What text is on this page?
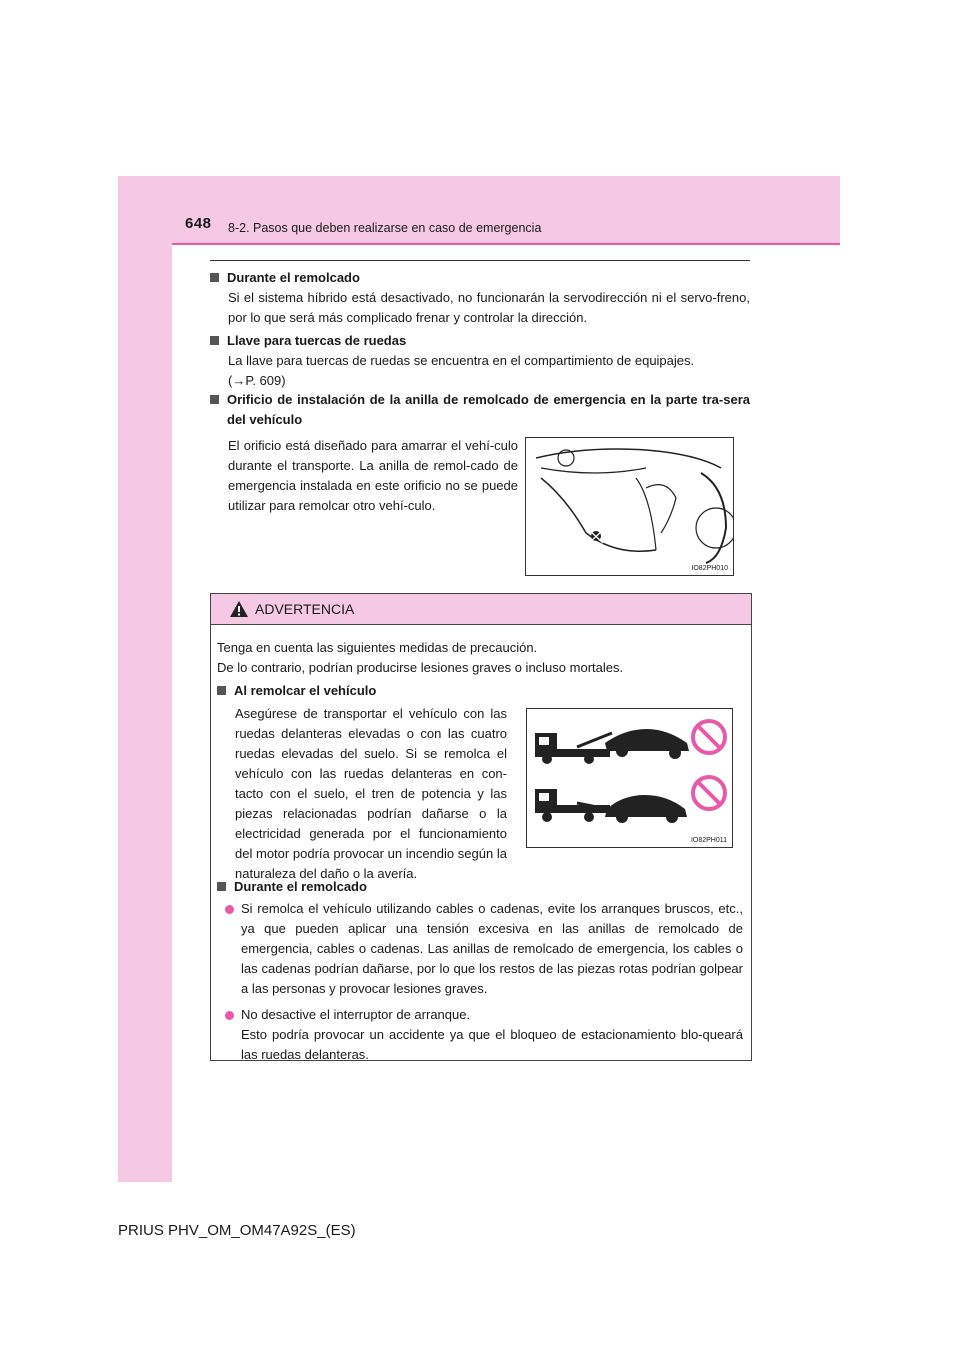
648 8-2. Pasos que deben realizarse en caso de emergencia
Durante el remolcado
Si el sistema híbrido está desactivado, no funcionarán la servodirección ni el servo-freno, por lo que será más complicado frenar y controlar la dirección.
Llave para tuercas de ruedas
La llave para tuercas de ruedas se encuentra en el compartimiento de equipajes.
(→P. 609)
Orificio de instalación de la anilla de remolcado de emergencia en la parte tra-sera del vehículo
El orificio está diseñado para amarrar el vehí-culo durante el transporte. La anilla de remol-cado de emergencia instalada en este orificio no se puede utilizar para remolcar otro vehí-culo.
IO82PH010
ADVERTENCIA
Tenga en cuenta las siguientes medidas de precaución.
De lo contrario, podrían producirse lesiones graves o incluso mortales.
Al remolcar el vehículo
Asegúrese de transportar el vehículo con las ruedas delanteras elevadas o con las cuatro ruedas elevadas del suelo. Si se remolca el vehículo con las ruedas delanteras en con-tacto con el suelo, el tren de potencia y las piezas relacionadas podrían dañarse o la electricidad generada por el funcionamiento del motor podría provocar un incendio según la naturaleza del daño o la avería.
IO82PH011
Durante el remolcado
Si remolca el vehículo utilizando cables o cadenas, evite los arranques bruscos, etc., ya que pueden aplicar una tensión excesiva en las anillas de remolcado de emergencia, cables o cadenas. Las anillas de remolcado de emergencia, los cables o las cadenas podrían dañarse, por lo que los restos de las piezas rotas podrían golpear a las personas y provocar lesiones graves.
No desactive el interruptor de arranque.
Esto podría provocar un accidente ya que el bloqueo de estacionamiento blo-queará las ruedas delanteras.
PRIUS PHV_OM_OM47A92S_(ES)
